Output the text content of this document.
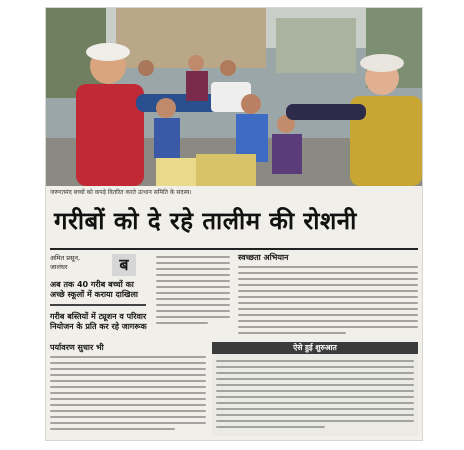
जरूरतमंद बच्चों को कपड़े वितरित करते उत्थान समिति के सदस्य।
गरीबों को दे रहे तालीम की रोशनी
अमित प्रसून,
जालंधर	ब
अब तक 40 गरीब बच्चों का अच्छे स्कूलों में कराया दाखिला
गरीब बस्तियों में ट्यूशन व परिवार नियोजन के प्रति कर रहे जागरूक
स्वच्छता अभियान
पर्यावरण सुधार भी	ऐसे हुई शुरुआत
